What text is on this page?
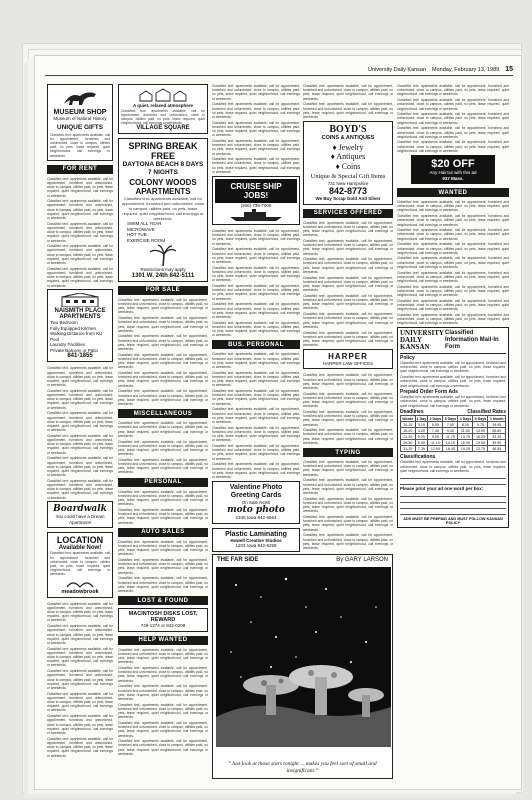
University Daily Kansan Monday, February 13, 1989 15
MUSEUM SHOP
Museum of Natural History
UNIQUE GIFTS
Classified text: apartments available, call for appointment, furnished and unfurnished, close to campus, utilities paid, no pets, lease required, quiet neighborhood, call evenings or weekends.
FOR RENT

Classified text: apartments available, call for appointment, furnished and unfurnished, close to campus, utilities paid, no pets, lease required, quiet neighborhood, call evenings or weekends.

Classified text: apartments available, call for appointment, furnished and unfurnished, close to campus, utilities paid, no pets, lease required, quiet neighborhood, call evenings or weekends.

Classified text: apartments available, call for appointment, furnished and unfurnished, close to campus, utilities paid, no pets, lease required, quiet neighborhood, call evenings or weekends.

Classified text: apartments available, call for appointment, furnished and unfurnished, close to campus, utilities paid, no pets, lease required, quiet neighborhood, call evenings or weekends.

Classified text: apartments available, call for appointment, furnished and unfurnished, close to campus, utilities paid, no pets, lease required, quiet neighborhood, call evenings or weekends.

NAISMITH PLACE APARTMENTS
Two Bedroom
Fully Equipped Kitchen
Walking Distance from KU
Pool
Laundry Facilities
Private Balcony or Patio
841-1855

Classified text: apartments available, call for appointment, furnished and unfurnished, close to campus, utilities paid, no pets, lease required, quiet neighborhood, call evenings or weekends.

Classified text: apartments available, call for appointment, furnished and unfurnished, close to campus, utilities paid, no pets, lease required, quiet neighborhood, call evenings or weekends.

Classified text: apartments available, call for appointment, furnished and unfurnished, close to campus, utilities paid, no pets, lease required, quiet neighborhood, call evenings or weekends.

Classified text: apartments available, call for appointment, furnished and unfurnished, close to campus, utilities paid, no pets, lease required, quiet neighborhood, call evenings or weekends.

Classified text: apartments available, call for appointment, furnished and unfurnished, close to campus, utilities paid, no pets, lease required, quiet neighborhood, call evenings or weekends.

Classified text: apartments available, call for appointment, furnished and unfurnished, close to campus, utilities paid, no pets, lease required, quiet neighborhood, call evenings or weekends.

Boardwalk
You could have a Dream Apartment!
LOCATION
Available Now!
Classified text: apartments available, call for appointment, furnished and unfurnished, close to campus, utilities paid, no pets, lease required, quiet neighborhood, call evenings or weekends.
meadowbrook

Classified text: apartments available, call for appointment, furnished and unfurnished, close to campus, utilities paid, no pets, lease required, quiet neighborhood, call evenings or weekends.

Classified text: apartments available, call for appointment, furnished and unfurnished, close to campus, utilities paid, no pets, lease required, quiet neighborhood, call evenings or weekends.

Classified text: apartments available, call for appointment, furnished and unfurnished, close to campus, utilities paid, no pets, lease required, quiet neighborhood, call evenings or weekends.

Classified text: apartments available, call for appointment, furnished and unfurnished, close to campus, utilities paid, no pets, lease required, quiet neighborhood, call evenings or weekends.

Classified text: apartments available, call for appointment, furnished and unfurnished, close to campus, utilities paid, no pets, lease required, quiet neighborhood, call evenings or weekends.

Classified text: apartments available, call for appointment, furnished and unfurnished, close to campus, utilities paid, no pets, lease required, quiet neighborhood, call evenings or weekends.

Classified text: apartments available, call for appointment, furnished and unfurnished, close to campus, utilities paid, no pets, lease required, quiet neighborhood, call evenings or weekends.

A quiet, relaxed atmosphere
Classified text: apartments available, call for appointment, furnished and unfurnished, close to campus, utilities paid, no pets, lease required, quiet neighborhood, call evenings or weekends.
VILLAGE SQUARE
SPRING BREAK FREE
DAYTONA BEACH 8 DAYS 7 NIGHTS
COLONY WOODS APARTMENTS
Classified text: apartments available, call for appointment, furnished and unfurnished, close to campus, utilities paid, no pets, lease required, quiet neighborhood, call evenings or weekends.
SWIM ALL YEAR
MICROWAVE
HOT TUB
EXERCISE ROOM
Restrictions may apply
1301 W. 24th 842-5111
FOR SALE

Classified text: apartments available, call for appointment, furnished and unfurnished, close to campus, utilities paid, no pets, lease required, quiet neighborhood, call evenings or weekends.

Classified text: apartments available, call for appointment, furnished and unfurnished, close to campus, utilities paid, no pets, lease required, quiet neighborhood, call evenings or weekends.

Classified text: apartments available, call for appointment, furnished and unfurnished, close to campus, utilities paid, no pets, lease required, quiet neighborhood, call evenings or weekends.

Classified text: apartments available, call for appointment, furnished and unfurnished, close to campus, utilities paid, no pets, lease required, quiet neighborhood, call evenings or weekends.

Classified text: apartments available, call for appointment, furnished and unfurnished, close to campus, utilities paid, no pets, lease required, quiet neighborhood, call evenings or weekends.

Classified text: apartments available, call for appointment, furnished and unfurnished, close to campus, utilities paid, no pets, lease required, quiet neighborhood, call evenings or weekends.

MISCELLANEOUS

Classified text: apartments available, call for appointment, furnished and unfurnished, close to campus, utilities paid, no pets, lease required, quiet neighborhood, call evenings or weekends.

Classified text: apartments available, call for appointment, furnished and unfurnished, close to campus, utilities paid, no pets, lease required, quiet neighborhood, call evenings or weekends.

Classified text: apartments available, call for appointment, furnished and unfurnished, close to campus, utilities paid, no pets, lease required, quiet neighborhood, call evenings or weekends.

PERSONAL

Classified text: apartments available, call for appointment, furnished and unfurnished, close to campus, utilities paid, no pets, lease required, quiet neighborhood, call evenings or weekends.

Classified text: apartments available, call for appointment, furnished and unfurnished, close to campus, utilities paid, no pets, lease required, quiet neighborhood, call evenings or weekends.

AUTO SALES

Classified text: apartments available, call for appointment, furnished and unfurnished, close to campus, utilities paid, no pets, lease required, quiet neighborhood, call evenings or weekends.

Classified text: apartments available, call for appointment, furnished and unfurnished, close to campus, utilities paid, no pets, lease required, quiet neighborhood, call evenings or weekends.

Classified text: apartments available, call for appointment, furnished and unfurnished, close to campus, utilities paid, no pets, lease required, quiet neighborhood, call evenings or weekends.

LOST & FOUND
MACINTOSH DISKS LOST, REWARD
749-1274 or 842-0209
HELP WANTED

Classified text: apartments available, call for appointment, furnished and unfurnished, close to campus, utilities paid, no pets, lease required, quiet neighborhood, call evenings or weekends.

Classified text: apartments available, call for appointment, furnished and unfurnished, close to campus, utilities paid, no pets, lease required, quiet neighborhood, call evenings or weekends.

Classified text: apartments available, call for appointment, furnished and unfurnished, close to campus, utilities paid, no pets, lease required, quiet neighborhood, call evenings or weekends.

Classified text: apartments available, call for appointment, furnished and unfurnished, close to campus, utilities paid, no pets, lease required, quiet neighborhood, call evenings or weekends.

Classified text: apartments available, call for appointment, furnished and unfurnished, close to campus, utilities paid, no pets, lease required, quiet neighborhood, call evenings or weekends.

Classified text: apartments available, call for appointment, furnished and unfurnished, close to campus, utilities paid, no pets, lease required, quiet neighborhood, call evenings or weekends.

Classified text: apartments available, call for appointment, furnished and unfurnished, close to campus, utilities paid, no pets, lease required, quiet neighborhood, call evenings or weekends.

Classified text: apartments available, call for appointment, furnished and unfurnished, close to campus, utilities paid, no pets, lease required, quiet neighborhood, call evenings or weekends.

Classified text: apartments available, call for appointment, furnished and unfurnished, close to campus, utilities paid, no pets, lease required, quiet neighborhood, call evenings or weekends.

Classified text: apartments available, call for appointment, furnished and unfurnished, close to campus, utilities paid, no pets, lease required, quiet neighborhood, call evenings or weekends.

Classified text: apartments available, call for appointment, furnished and unfurnished, close to campus, utilities paid, no pets, lease required, quiet neighborhood, call evenings or weekends.

CRUISE SHIP JOBS!
(206) 736-7000

Classified text: apartments available, call for appointment, furnished and unfurnished, close to campus, utilities paid, no pets, lease required, quiet neighborhood, call evenings or weekends.

Classified text: apartments available, call for appointment, furnished and unfurnished, close to campus, utilities paid, no pets, lease required, quiet neighborhood, call evenings or weekends.

Classified text: apartments available, call for appointment, furnished and unfurnished, close to campus, utilities paid, no pets, lease required, quiet neighborhood, call evenings or weekends.

Classified text: apartments available, call for appointment, furnished and unfurnished, close to campus, utilities paid, no pets, lease required, quiet neighborhood, call evenings or weekends.

Classified text: apartments available, call for appointment, furnished and unfurnished, close to campus, utilities paid, no pets, lease required, quiet neighborhood, call evenings or weekends.

Classified text: apartments available, call for appointment, furnished and unfurnished, close to campus, utilities paid, no pets, lease required, quiet neighborhood, call evenings or weekends.

BUS. PERSONAL

Classified text: apartments available, call for appointment, furnished and unfurnished, close to campus, utilities paid, no pets, lease required, quiet neighborhood, call evenings or weekends.

Classified text: apartments available, call for appointment, furnished and unfurnished, close to campus, utilities paid, no pets, lease required, quiet neighborhood, call evenings or weekends.

Classified text: apartments available, call for appointment, furnished and unfurnished, close to campus, utilities paid, no pets, lease required, quiet neighborhood, call evenings or weekends.

Classified text: apartments available, call for appointment, furnished and unfurnished, close to campus, utilities paid, no pets, lease required, quiet neighborhood, call evenings or weekends.

Classified text: apartments available, call for appointment, furnished and unfurnished, close to campus, utilities paid, no pets, lease required, quiet neighborhood, call evenings or weekends.

Classified text: apartments available, call for appointment, furnished and unfurnished, close to campus, utilities paid, no pets, lease required, quiet neighborhood, call evenings or weekends.

Classified text: apartments available, call for appointment, furnished and unfurnished, close to campus, utilities paid, no pets, lease required, quiet neighborhood, call evenings or weekends.

Valentine Photo Greeting Cards
On Sale NOW
moto photo
2340 Iowa 842-6564
Plastic Laminating
Howell Creative Studios
1203 Iowa 842-8259

Classified text: apartments available, call for appointment, furnished and unfurnished, close to campus, utilities paid, no pets, lease required, quiet neighborhood, call evenings or weekends.

Classified text: apartments available, call for appointment, furnished and unfurnished, close to campus, utilities paid, no pets, lease required, quiet neighborhood, call evenings or weekends.

BOYD'S
COINS & ANTIQUES
♦ Jewelry
♦ Antiques
♦ Coins
Unique & Special Gift Items
731 New Hampshire
842-8773
We Buy Scrap Gold And Silver
SERVICES OFFERED

Classified text: apartments available, call for appointment, furnished and unfurnished, close to campus, utilities paid, no pets, lease required, quiet neighborhood, call evenings or weekends.

Classified text: apartments available, call for appointment, furnished and unfurnished, close to campus, utilities paid, no pets, lease required, quiet neighborhood, call evenings or weekends.

Classified text: apartments available, call for appointment, furnished and unfurnished, close to campus, utilities paid, no pets, lease required, quiet neighborhood, call evenings or weekends.

Classified text: apartments available, call for appointment, furnished and unfurnished, close to campus, utilities paid, no pets, lease required, quiet neighborhood, call evenings or weekends.

Classified text: apartments available, call for appointment, furnished and unfurnished, close to campus, utilities paid, no pets, lease required, quiet neighborhood, call evenings or weekends.

Classified text: apartments available, call for appointment, furnished and unfurnished, close to campus, utilities paid, no pets, lease required, quiet neighborhood, call evenings or weekends.

Classified text: apartments available, call for appointment, furnished and unfurnished, close to campus, utilities paid, no pets, lease required, quiet neighborhood, call evenings or weekends.

HARPER
HARPER LAW OFFICES

Classified text: apartments available, call for appointment, furnished and unfurnished, close to campus, utilities paid, no pets, lease required, quiet neighborhood, call evenings or weekends.

Classified text: apartments available, call for appointment, furnished and unfurnished, close to campus, utilities paid, no pets, lease required, quiet neighborhood, call evenings or weekends.

Classified text: apartments available, call for appointment, furnished and unfurnished, close to campus, utilities paid, no pets, lease required, quiet neighborhood, call evenings or weekends.

Classified text: apartments available, call for appointment, furnished and unfurnished, close to campus, utilities paid, no pets, lease required, quiet neighborhood, call evenings or weekends.

TYPING

Classified text: apartments available, call for appointment, furnished and unfurnished, close to campus, utilities paid, no pets, lease required, quiet neighborhood, call evenings or weekends.

Classified text: apartments available, call for appointment, furnished and unfurnished, close to campus, utilities paid, no pets, lease required, quiet neighborhood, call evenings or weekends.

Classified text: apartments available, call for appointment, furnished and unfurnished, close to campus, utilities paid, no pets, lease required, quiet neighborhood, call evenings or weekends.

Classified text: apartments available, call for appointment, furnished and unfurnished, close to campus, utilities paid, no pets, lease required, quiet neighborhood, call evenings or weekends.

Classified text: apartments available, call for appointment, furnished and unfurnished, close to campus, utilities paid, no pets, lease required, quiet neighborhood, call evenings or weekends.

Classified text: apartments available, call for appointment, furnished and unfurnished, close to campus, utilities paid, no pets, lease required, quiet neighborhood, call evenings or weekends.

Classified text: apartments available, call for appointment, furnished and unfurnished, close to campus, utilities paid, no pets, lease required, quiet neighborhood, call evenings or weekends.

Classified text: apartments available, call for appointment, furnished and unfurnished, close to campus, utilities paid, no pets, lease required, quiet neighborhood, call evenings or weekends.

Classified text: apartments available, call for appointment, furnished and unfurnished, close to campus, utilities paid, no pets, lease required, quiet neighborhood, call evenings or weekends.

Classified text: apartments available, call for appointment, furnished and unfurnished, close to campus, utilities paid, no pets, lease required, quiet neighborhood, call evenings or weekends.

$20 OFF
Any Haircut with this ad
937 Mass.
WANTED

Classified text: apartments available, call for appointment, furnished and unfurnished, close to campus, utilities paid, no pets, lease required, quiet neighborhood, call evenings or weekends.

Classified text: apartments available, call for appointment, furnished and unfurnished, close to campus, utilities paid, no pets, lease required, quiet neighborhood, call evenings or weekends.

Classified text: apartments available, call for appointment, furnished and unfurnished, close to campus, utilities paid, no pets, lease required, quiet neighborhood, call evenings or weekends.

Classified text: apartments available, call for appointment, furnished and unfurnished, close to campus, utilities paid, no pets, lease required, quiet neighborhood, call evenings or weekends.

Classified text: apartments available, call for appointment, furnished and unfurnished, close to campus, utilities paid, no pets, lease required, quiet neighborhood, call evenings or weekends.

Classified text: apartments available, call for appointment, furnished and unfurnished, close to campus, utilities paid, no pets, lease required, quiet neighborhood, call evenings or weekends.

Classified text: apartments available, call for appointment, furnished and unfurnished, close to campus, utilities paid, no pets, lease required, quiet neighborhood, call evenings or weekends.

Classified text: apartments available, call for appointment, furnished and unfurnished, close to campus, utilities paid, no pets, lease required, quiet neighborhood, call evenings or weekends.

Classified text: apartments available, call for appointment, furnished and unfurnished, close to campus, utilities paid, no pets, lease required, quiet neighborhood, call evenings or weekends.

UNIVERSITY DAILY KANSAN
Classified Information Mail-In Form
Policy

Classified text: apartments available, call for appointment, furnished and unfurnished, close to campus, utilities paid, no pets, lease required, quiet neighborhood, call evenings or weekends.

Classified text: apartments available, call for appointment, furnished and unfurnished, close to campus, utilities paid, no pets, lease required, quiet neighborhood, call evenings or weekends.

Prepaid Order Form Ads

Classified text: apartments available, call for appointment, furnished and unfurnished, close to campus, utilities paid, no pets, lease required, quiet neighborhood, call evenings or weekends.

Deadlines	Classified Rates
Words	1 Day	2 Days	3 Days	4 Days	5 Days	1 Month
10-15	3.15	5.55	7.05	8.25	9.75	19.95
16-20	4.20	7.40	9.40	11.00	13.00	26.60
21-25	5.25	9.25	11.75	13.75	16.25	33.25
26-30	6.30	11.10	14.10	16.50	19.50	39.90
31-35	7.35	12.95	16.45	19.25	22.75	46.55
Classifications

Classified text: apartments available, call for appointment, furnished and unfurnished, close to campus, utilities paid, no pets, lease required, quiet neighborhood, call evenings or weekends.

Please print your ad one word per box:
ADS MUST BE PREPAID AND MUST FOLLOW KANSAN POLICY
THE FAR SIDE	By GARY LARSON
“Just look at those stars tonight ... makes you feel sort of small and insignificant.”
